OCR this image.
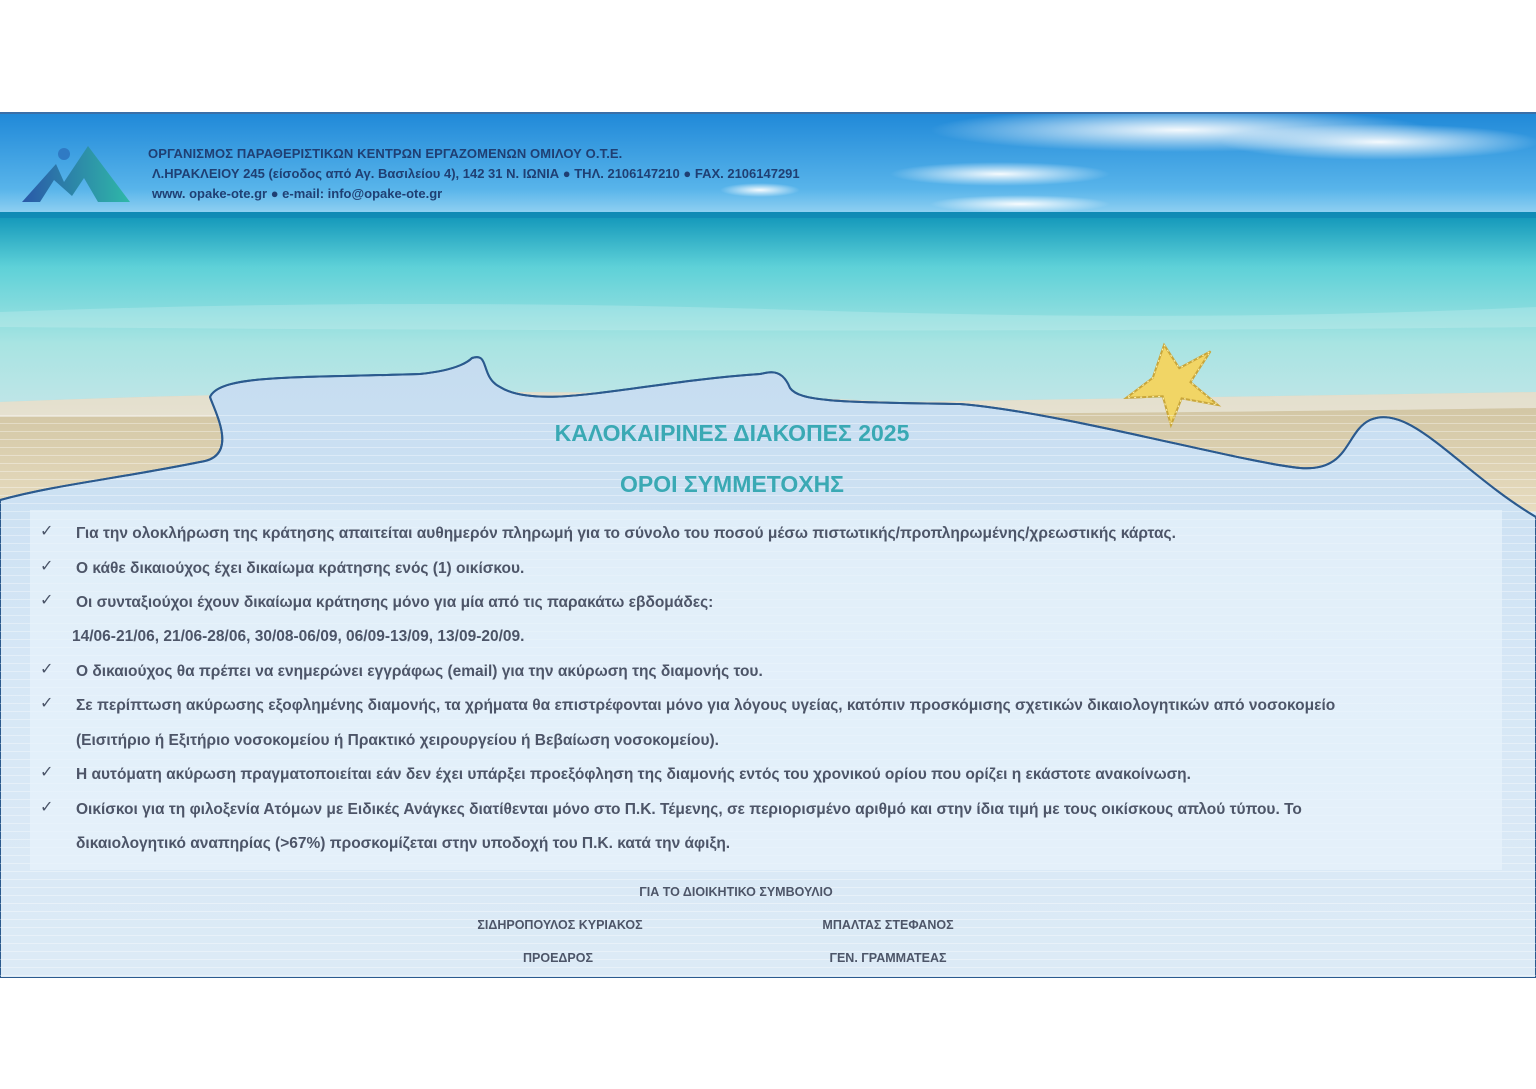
ΟΡΓΑΝΙΣΜΟΣ ΠΑΡΑΘΕΡΙΣΤΙΚΩΝ ΚΕΝΤΡΩΝ ΕΡΓΑΖΟΜΕΝΩΝ ΟΜΙΛΟΥ Ο.Τ.Ε.
Λ.ΗΡΑΚΛΕΙΟΥ 245 (είσοδος από Αγ. Βασιλείου 4), 142 31 Ν. ΙΩΝΙΑ ● ΤΗΛ. 2106147210 ● FAX. 2106147291
www. opake-ote.gr ● e-mail: info@opake-ote.gr
ΚΑΛΟΚΑΙΡΙΝΕΣ ΔΙΑΚΟΠΕΣ 2025
ΟΡΟΙ ΣΥΜΜΕΤΟΧΗΣ
✓ Για την ολοκλήρωση της κράτησης απαιτείται αυθημερόν πληρωμή για το σύνολο του ποσού μέσω πιστωτικής/προπληρωμένης/χρεωστικής κάρτας.
✓ Ο κάθε δικαιούχος έχει δικαίωμα κράτησης ενός (1) οικίσκου.
✓ Οι συνταξιούχοι έχουν δικαίωμα κράτησης μόνο για μία από τις παρακάτω εβδομάδες:
14/06-21/06, 21/06-28/06, 30/08-06/09, 06/09-13/09, 13/09-20/09.
✓ Ο δικαιούχος θα πρέπει να ενημερώνει εγγράφως (email) για την ακύρωση της διαμονής του.
✓ Σε περίπτωση ακύρωσης εξοφλημένης διαμονής, τα χρήματα θα επιστρέφονται μόνο για λόγους υγείας, κατόπιν προσκόμισης σχετικών δικαιολογητικών από νοσοκομείο
(Εισιτήριο ή Εξιτήριο νοσοκομείου ή Πρακτικό χειρουργείου ή Βεβαίωση νοσοκομείου).
✓ Η αυτόματη ακύρωση πραγματοποιείται εάν δεν έχει υπάρξει προεξόφληση της διαμονής εντός του χρονικού ορίου που ορίζει η εκάστοτε ανακοίνωση.
✓ Οικίσκοι για τη φιλοξενία Ατόμων με Ειδικές Ανάγκες διατίθενται μόνο στο Π.Κ. Τέμενης, σε περιορισμένο αριθμό και στην ίδια τιμή με τους οικίσκους απλού τύπου. Το
δικαιολογητικό αναπηρίας (>67%) προσκομίζεται στην υποδοχή του Π.Κ. κατά την άφιξη.
ΓΙΑ ΤΟ ΔΙΟΙΚΗΤΙΚΟ ΣΥΜΒΟΥΛΙΟ
ΣΙΔΗΡΟΠΟΥΛΟΣ ΚΥΡΙΑΚΟΣ	ΜΠΑΛΤΑΣ ΣΤΕΦΑΝΟΣ
ΠΡΟΕΔΡΟΣ	ΓΕΝ. ΓΡΑΜΜΑΤΕΑΣ
